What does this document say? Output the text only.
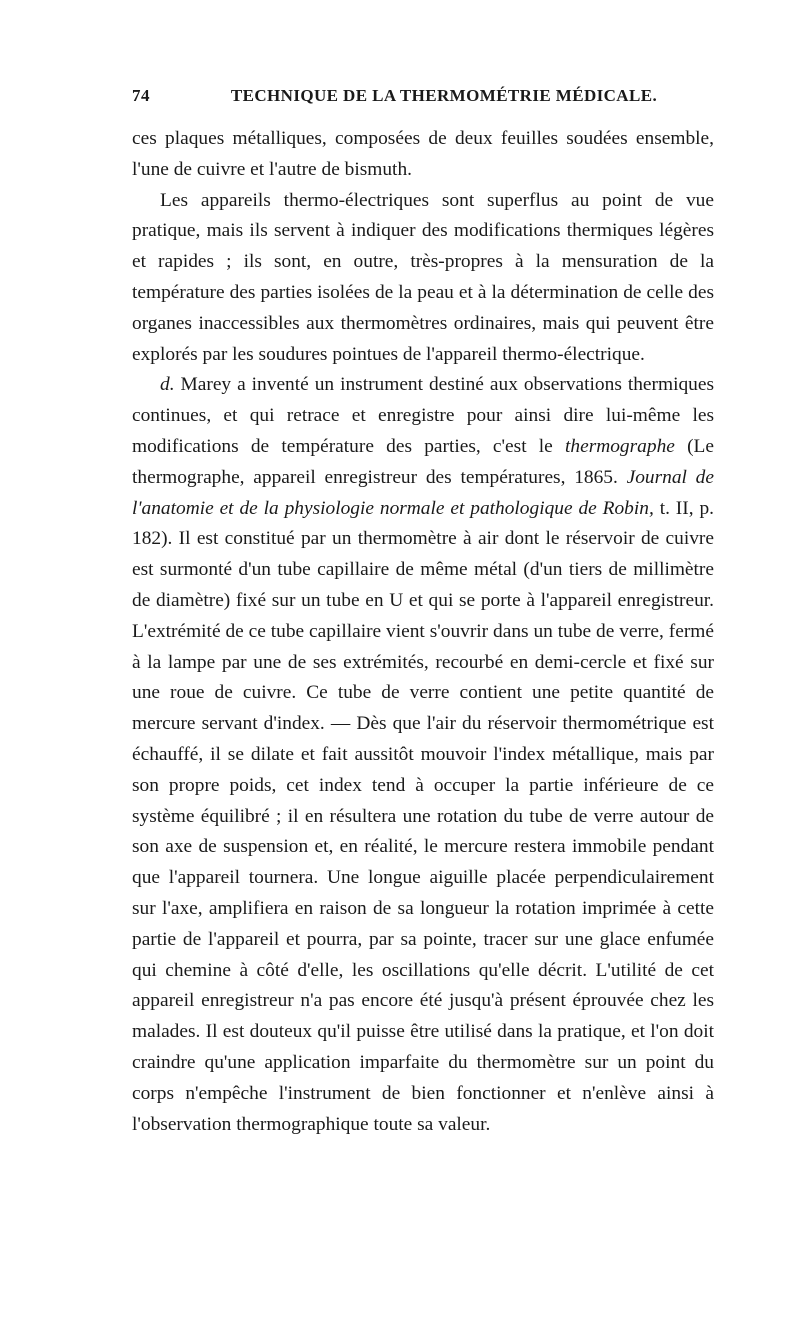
74	TECHNIQUE DE LA THERMOMÉTRIE MÉDICALE.

ces plaques métalliques, composées de deux feuilles soudées ensemble, l'une de cuivre et l'autre de bismuth.

Les appareils thermo-électriques sont superflus au point de vue pratique, mais ils servent à indiquer des modifications thermiques légères et rapides ; ils sont, en outre, très-propres à la mensuration de la température des parties isolées de la peau et à la détermination de celle des organes inaccessibles aux thermomètres ordinaires, mais qui peuvent être explorés par les soudures pointues de l'appareil thermo-électrique.

d. Marey a inventé un instrument destiné aux observations thermiques continues, et qui retrace et enregistre pour ainsi dire lui-même les modifications de température des parties, c'est le thermographe (Le thermographe, appareil enregistreur des températures, 1865. Journal de l'anatomie et de la physiologie normale et pathologique de Robin, t. II, p. 182). Il est constitué par un thermomètre à air dont le réservoir de cuivre est surmonté d'un tube capillaire de même métal (d'un tiers de millimètre de diamètre) fixé sur un tube en U et qui se porte à l'appareil enregistreur. L'extrémité de ce tube capillaire vient s'ouvrir dans un tube de verre, fermé à la lampe par une de ses extrémités, recourbé en demi-cercle et fixé sur une roue de cuivre. Ce tube de verre contient une petite quantité de mercure servant d'index. — Dès que l'air du réservoir thermométrique est échauffé, il se dilate et fait aussitôt mouvoir l'index métallique, mais par son propre poids, cet index tend à occuper la partie inférieure de ce système équilibré ; il en résultera une rotation du tube de verre autour de son axe de suspension et, en réalité, le mercure restera immobile pendant que l'appareil tournera. Une longue aiguille placée perpendiculairement sur l'axe, amplifiera en raison de sa longueur la rotation imprimée à cette partie de l'appareil et pourra, par sa pointe, tracer sur une glace enfumée qui chemine à côté d'elle, les oscillations qu'elle décrit. L'utilité de cet appareil enregistreur n'a pas encore été jusqu'à présent éprouvée chez les malades. Il est douteux qu'il puisse être utilisé dans la pratique, et l'on doit craindre qu'une application imparfaite du thermomètre sur un point du corps n'empêche l'instrument de bien fonctionner et n'enlève ainsi à l'observation thermographique toute sa valeur.
